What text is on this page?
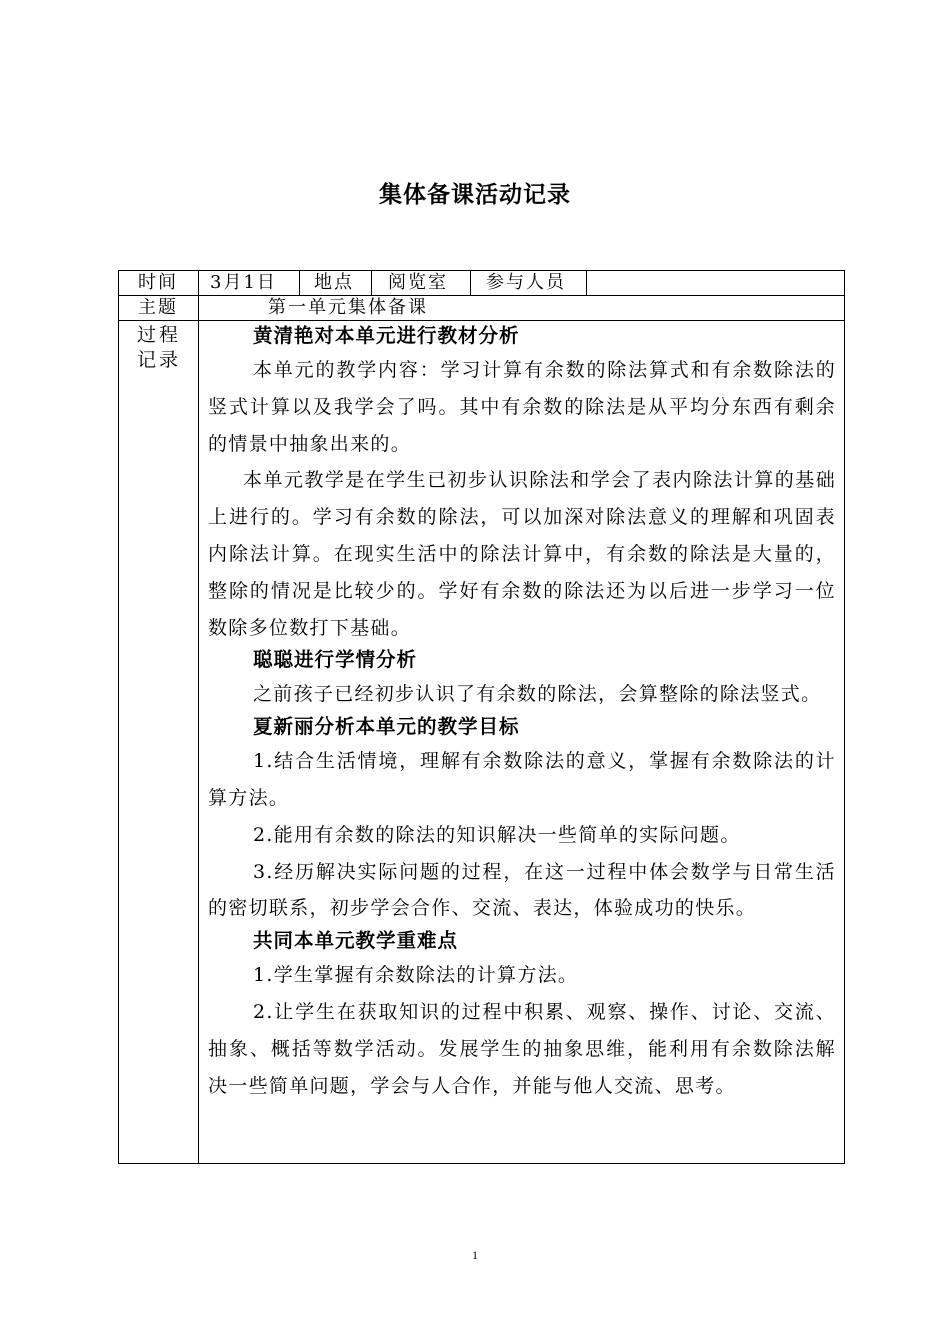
集体备课活动记录
时间 3月1日 地点 阅览室 参与人员
主题	第一单元集体备课
过程记录
黄清艳对本单元进行教材分析

本单元的教学内容：学习计算有余数的除法算式和有余数除法的竖式计算以及我学会了吗。其中有余数的除法是从平均分东西有剩余的情景中抽象出来的。

本单元教学是在学生已初步认识除法和学会了表内除法计算的基础上进行的。学习有余数的除法，可以加深对除法意义的理解和巩固表内除法计算。在现实生活中的除法计算中，有余数的除法是大量的，整除的情况是比较少的。学好有余数的除法还为以后进一步学习一位数除多位数打下基础。

聪聪进行学情分析

之前孩子已经初步认识了有余数的除法，会算整除的除法竖式。

夏新丽分析本单元的教学目标

1.结合生活情境，理解有余数除法的意义，掌握有余数除法的计算方法。

2.能用有余数的除法的知识解决一些简单的实际问题。

3.经历解决实际问题的过程，在这一过程中体会数学与日常生活的密切联系，初步学会合作、交流、表达，体验成功的快乐。

共同本单元教学重难点

1.学生掌握有余数除法的计算方法。

2.让学生在获取知识的过程中积累、观察、操作、讨论、交流、抽象、概括等数学活动。发展学生的抽象思维，能利用有余数除法解决一些简单问题，学会与人合作，并能与他人交流、思考。

1
